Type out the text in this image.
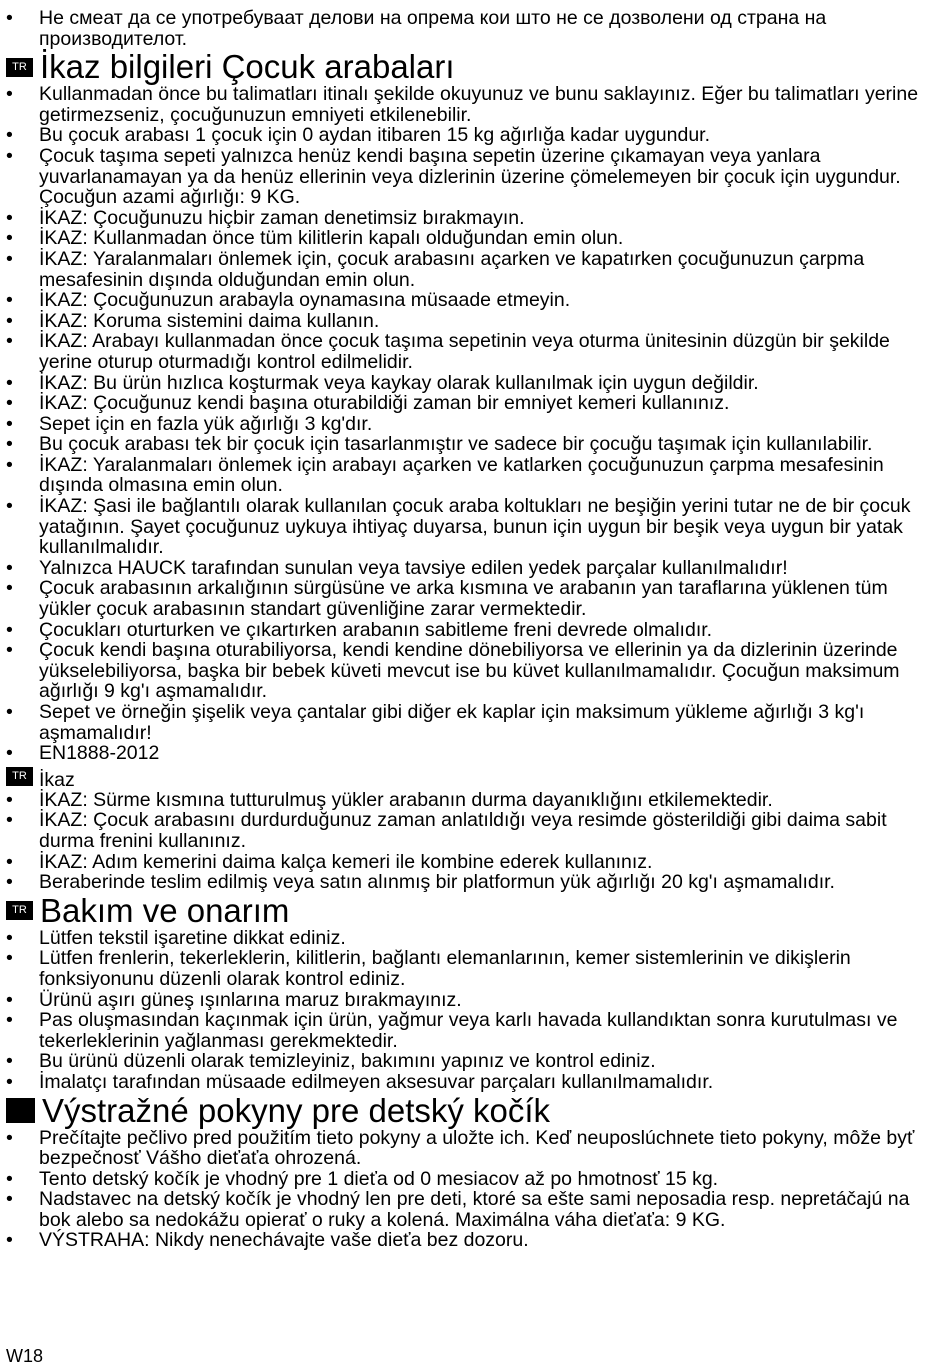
• Не смеат да се употребуваат делови на опрема кои што не се дозволени од страна на производителот.
TR İkaz bilgileri Çocuk arabaları
• Kullanmadan önce bu talimatları itinalı şekilde okuyunuz ve bunu saklayınız. Eğer bu talimatları yerine getirmezseniz, çocuğunuzun emniyeti etkilenebilir.
• Bu çocuk arabası 1 çocuk için 0 aydan itibaren 15 kg ağırlığa kadar uygundur.
• Çocuk taşıma sepeti yalnızca henüz kendi başına sepetin üzerine çıkamayan veya yanlara yuvarlanamayan ya da henüz ellerinin veya dizlerinin üzerine çömelemeyen bir çocuk için uygundur. Çocuğun azami ağırlığı: 9 KG.
• İKAZ: Çocuğunuzu hiçbir zaman denetimsiz bırakmayın.
• İKAZ: Kullanmadan önce tüm kilitlerin kapalı olduğundan emin olun.
• İKAZ: Yaralanmaları önlemek için, çocuk arabasını açarken ve kapatırken çocuğunuzun çarpma mesafesinin dışında olduğundan emin olun.
• İKAZ: Çocuğunuzun arabayla oynamasına müsaade etmeyin.
• İKAZ: Koruma sistemini daima kullanın.
• İKAZ: Arabayı kullanmadan önce çocuk taşıma sepetinin veya oturma ünitesinin düzgün bir şekilde yerine oturup oturmadığı kontrol edilmelidir.
• İKAZ: Bu ürün hızlıca koşturmak veya kaykay olarak kullanılmak için uygun değildir.
• İKAZ: Çocuğunuz kendi başına oturabildiği zaman bir emniyet kemeri kullanınız.
• Sepet için en fazla yük ağırlığı 3 kg'dır.
• Bu çocuk arabası tek bir çocuk için tasarlanmıştır ve sadece bir çocuğu taşımak için kullanılabilir.
• İKAZ: Yaralanmaları önlemek için arabayı açarken ve katlarken çocuğunuzun çarpma mesafesinin dışında olmasına emin olun.
• İKAZ: Şasi ile bağlantılı olarak kullanılan çocuk araba koltukları ne beşiğin yerini tutar ne de bir çocuk yatağının. Şayet çocuğunuz uykuya ihtiyaç duyarsa, bunun için uygun bir beşik veya uygun bir yatak kullanılmalıdır.
• Yalnızca HAUCK tarafından sunulan veya tavsiye edilen yedek parçalar kullanılmalıdır!
• Çocuk arabasının arkalığının sürgüsüne ve arka kısmına ve arabanın yan taraflarına yüklenen tüm yükler çocuk arabasının standart güvenliğine zarar vermektedir.
• Çocukları oturturken ve çıkartırken arabanın sabitleme freni devrede olmalıdır.
• Çocuk kendi başına oturabiliyorsa, kendi kendine dönebiliyorsa ve ellerinin ya da dizlerinin üzerinde yükselebiliyorsa, başka bir bebek küveti mevcut ise bu küvet kullanılmamalıdır. Çocuğun maksimum ağırlığı 9 kg'ı aşmamalıdır.
• Sepet ve örneğin şişelik veya çantalar gibi diğer ek kaplar için maksimum yükleme ağırlığı 3 kg'ı aşmamalıdır!
• EN1888-2012
TR İkaz
• İKAZ: Sürme kısmına tutturulmuş yükler arabanın durma dayanıklığını etkilemektedir.
• İKAZ: Çocuk arabasını durdurduğunuz zaman anlatıldığı veya resimde gösterildiği gibi daima sabit durma frenini kullanınız.
• İKAZ: Adım kemerini daima kalça kemeri ile kombine ederek kullanınız.
• Beraberinde teslim edilmiş veya satın alınmış bir platformun yük ağırlığı 20 kg'ı aşmamalıdır.
TR Bakım ve onarım
• Lütfen tekstil işaretine dikkat ediniz.
• Lütfen frenlerin, tekerleklerin, kilitlerin, bağlantı elemanlarının, kemer sistemlerinin ve dikişlerin fonksiyonunu düzenli olarak kontrol ediniz.
• Ürünü aşırı güneş ışınlarına maruz bırakmayınız.
• Pas oluşmasından kaçınmak için ürün, yağmur veya karlı havada kullandıktan sonra kurutulması ve tekerleklerinin yağlanması gerekmektedir.
• Bu ürünü düzenli olarak temizleyiniz, bakımını yapınız ve kontrol ediniz.
• İmalatçı tarafından müsaade edilmeyen aksesuvar parçaları kullanılmamalıdır.
Výstražné pokyny pre detský kočík
• Prečítajte pečlivo pred použitím tieto pokyny a uložte ich. Keď neuposlúchnete tieto pokyny, môže byť bezpečnosť Vášho dieťaťa ohrozená.
• Tento detský kočík je vhodný pre 1 dieťa od 0 mesiacov až po hmotnosť 15 kg.
• Nadstavec na detský kočík je vhodný len pre deti, ktoré sa ešte sami neposadia resp. nepretáčajú na bok alebo sa nedokážu opierať o ruky a kolená. Maximálna váha dieťaťa: 9 KG.
• VÝSTRAHA: Nikdy nenechávajte vaše dieťa bez dozoru.
W18
